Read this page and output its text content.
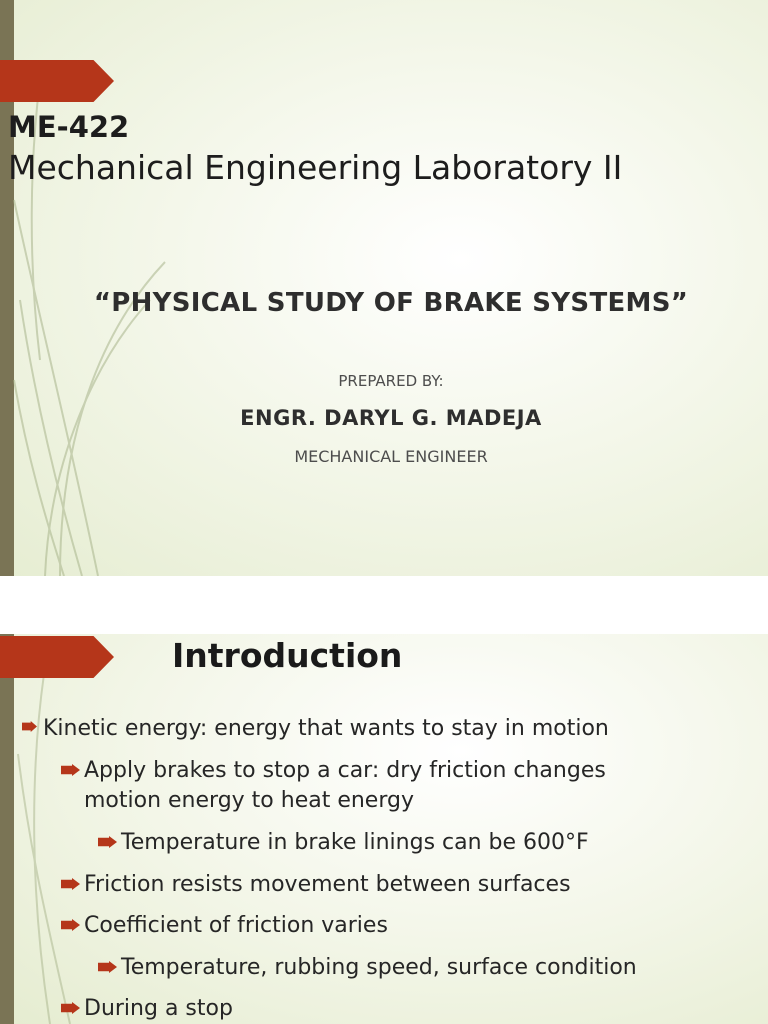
ME-422
Mechanical Engineering Laboratory II
“PHYSICAL STUDY OF BRAKE SYSTEMS”
PREPARED BY:
ENGR. DARYL G. MADEJA
MECHANICAL ENGINEER
Introduction
Kinetic energy: energy that wants to stay in motion
Apply brakes to stop a car: dry friction changes
motion energy to heat energy
Temperature in brake linings can be 600°F
Friction resists movement between surfaces
Coefficient of friction varies
Temperature, rubbing speed, surface condition
During a stop
